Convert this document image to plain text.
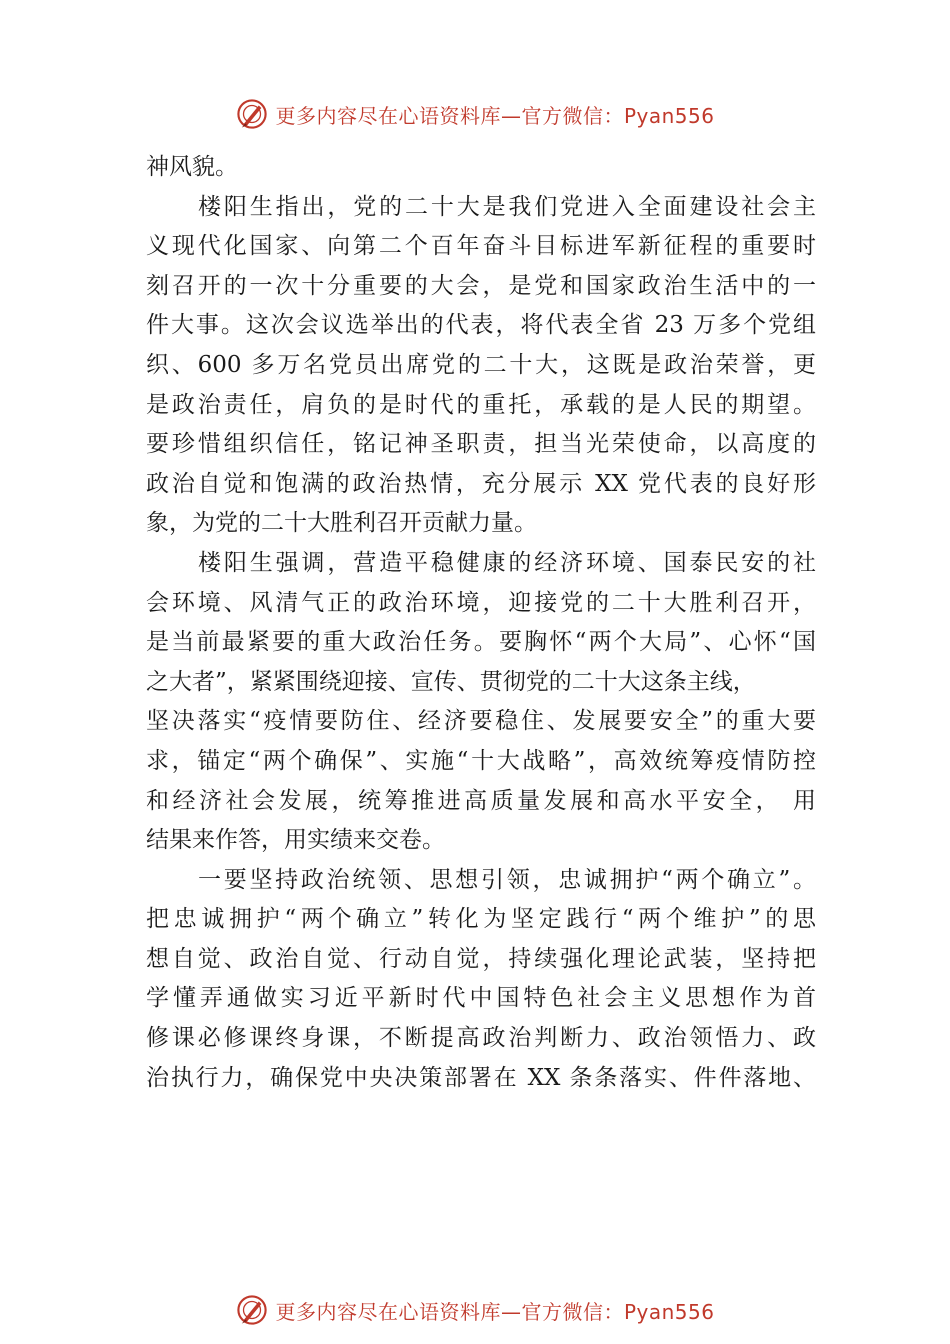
更多内容尽在心语资料库—官方微信：Pyan556
神风貌。
楼阳生指出，党的二十大是我们党进入全面建设社会主
义现代化国家、向第二个百年奋斗目标进军新征程的重要时
刻召开的一次十分重要的大会，是党和国家政治生活中的一
件大事。这次会议选举出的代表，将代表全省 23 万多个党组
织、600 多万名党员出席党的二十大，这既是政治荣誉，更
是政治责任，肩负的是时代的重托，承载的是人民的期望。
要珍惜组织信任，铭记神圣职责，担当光荣使命，以高度的
政治自觉和饱满的政治热情，充分展示 XX 党代表的良好形
象，为党的二十大胜利召开贡献力量。
楼阳生强调，营造平稳健康的经济环境、国泰民安的社
会环境、风清气正的政治环境，迎接党的二十大胜利召开，
是当前最紧要的重大政治任务。要胸怀“两个大局”、心怀“国
之大者”，紧紧围绕迎接、宣传、贯彻党的二十大这条主线，
坚决落实“疫情要防住、经济要稳住、发展要安全”的重大要
求，锚定“两个确保”、实施“十大战略”，高效统筹疫情防控
和经济社会发展，统筹推进高质量发展和高水平安全， 用
结果来作答，用实绩来交卷。
一要坚持政治统领、思想引领，忠诚拥护“两个确立”。
把忠诚拥护“两个确立”转化为坚定践行“两个维护”的思
想自觉、政治自觉、行动自觉，持续强化理论武装，坚持把
学懂弄通做实习近平新时代中国特色社会主义思想作为首
修课必修课终身课，不断提高政治判断力、政治领悟力、政
治执行力，确保党中央决策部署在 XX 条条落实、件件落地、
更多内容尽在心语资料库—官方微信：Pyan556
